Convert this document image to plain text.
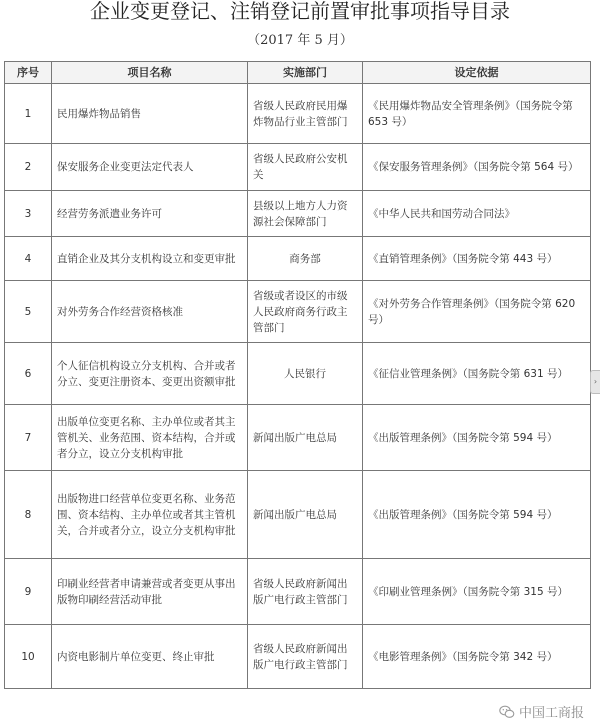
企业变更登记、注销登记前置审批事项指导目录
（2017 年 5 月）
序号	项目名称	实施部门	设定依据
1	民用爆炸物品销售	省级人民政府民用爆炸物品行业主管部门	《民用爆炸物品安全管理条例》（国务院令第 653 号）
2	保安服务企业变更法定代表人	省级人民政府公安机关	《保安服务管理条例》（国务院令第 564 号）
3	经营劳务派遣业务许可	县级以上地方人力资源社会保障部门	《中华人民共和国劳动合同法》
4	直销企业及其分支机构设立和变更审批	商务部	《直销管理条例》（国务院令第 443 号）
5	对外劳务合作经营资格核准	省级或者设区的市级人民政府商务行政主管部门	《对外劳务合作管理条例》（国务院令第 620 号）
6	个人征信机构设立分支机构、合并或者分立、变更注册资本、变更出资额审批	人民银行	《征信业管理条例》（国务院令第 631 号）
7	出版单位变更名称、主办单位或者其主管机关、业务范围、资本结构，合并或者分立，设立分支机构审批	新闻出版广电总局	《出版管理条例》（国务院令第 594 号）
8	出版物进口经营单位变更名称、业务范围、资本结构、主办单位或者其主管机关，合并或者分立，设立分支机构审批	新闻出版广电总局	《出版管理条例》（国务院令第 594 号）
9	印刷业经营者申请兼营或者变更从事出版物印刷经营活动审批	省级人民政府新闻出版广电行政主管部门	《印刷业管理条例》（国务院令第 315 号）
10	内资电影制片单位变更、终止审批	省级人民政府新闻出版广电行政主管部门	《电影管理条例》（国务院令第 342 号）
›
中国工商报
